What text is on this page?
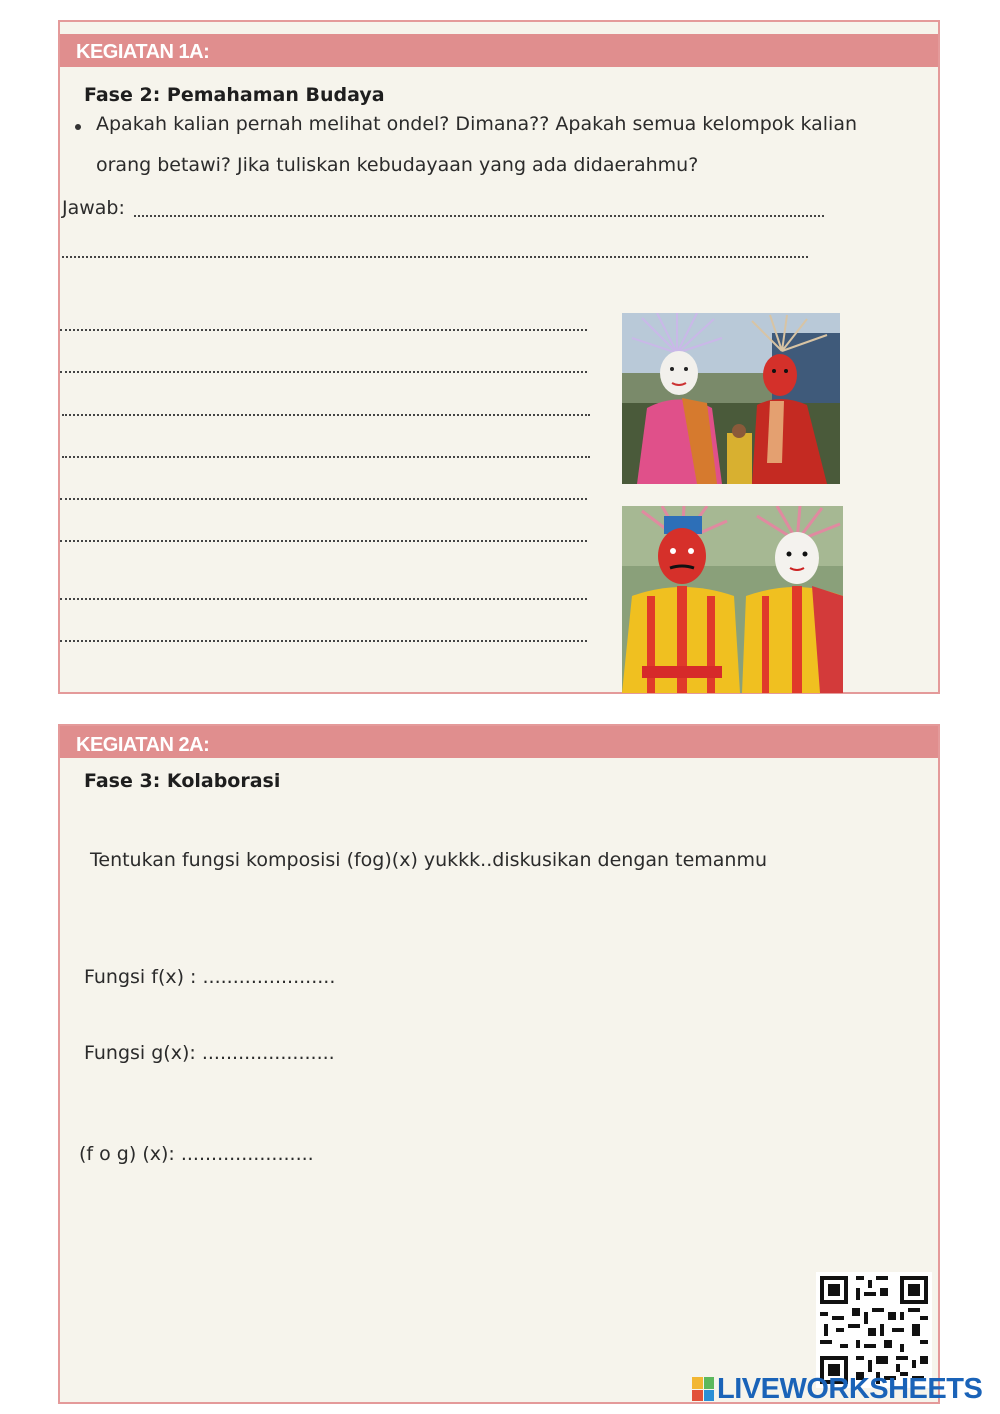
KEGIATAN 1A:
Fase 2: Pemahaman Budaya
Apakah kalian pernah melihat ondel? Dimana?? Apakah semua kelompok kalian
orang betawi? Jika tuliskan kebudayaan yang ada didaerahmu?
Jawab:
KEGIATAN 2A:
Fase 3: Kolaborasi
Tentukan fungsi komposisi (fog)(x) yukkk..diskusikan dengan temanmu
Fungsi f(x) : ......................
Fungsi g(x): ......................
(f o g) (x): ......................
LIVEWORKSHEETS
